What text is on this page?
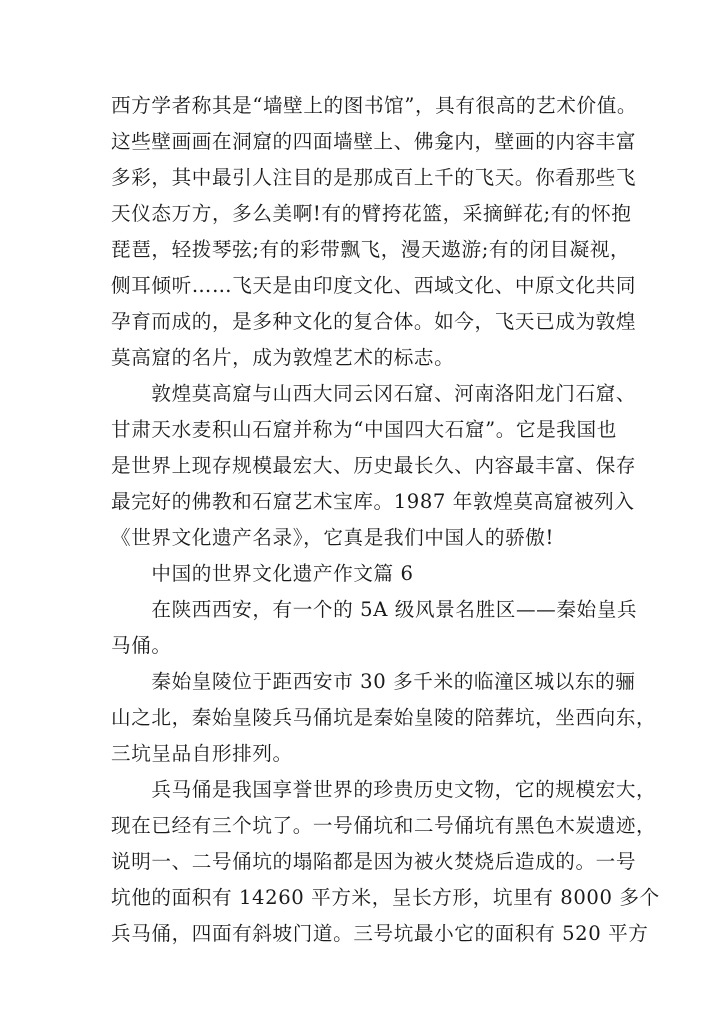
西方学者称其是“墙壁上的图书馆”，具有很高的艺术价值。
这些壁画画在洞窟的四面墙壁上、佛龛内，壁画的内容丰富
多彩，其中最引人注目的是那成百上千的飞天。你看那些飞
天仪态万方，多么美啊!有的臂挎花篮，采摘鲜花;有的怀抱
琵琶，轻拨琴弦;有的彩带飘飞，漫天遨游;有的闭目凝视，
侧耳倾听……飞天是由印度文化、西域文化、中原文化共同
孕育而成的，是多种文化的复合体。如今，飞天已成为敦煌
莫高窟的名片，成为敦煌艺术的标志。
　　敦煌莫高窟与山西大同云冈石窟、河南洛阳龙门石窟、
甘肃天水麦积山石窟并称为“中国四大石窟”。它是我国也
是世界上现存规模最宏大、历史最长久、内容最丰富、保存
最完好的佛教和石窟艺术宝库。1987 年敦煌莫高窟被列入
《世界文化遗产名录》，它真是我们中国人的骄傲!
　　中国的世界文化遗产作文篇 6
　　在陕西西安，有一个的 5A 级风景名胜区——秦始皇兵
马俑。
　　秦始皇陵位于距西安市 30 多千米的临潼区城以东的骊
山之北，秦始皇陵兵马俑坑是秦始皇陵的陪葬坑，坐西向东，
三坑呈品自形排列。
　　兵马俑是我国享誉世界的珍贵历史文物，它的规模宏大，
现在已经有三个坑了。一号俑坑和二号俑坑有黑色木炭遗迹，
说明一、二号俑坑的塌陷都是因为被火焚烧后造成的。一号
坑他的面积有 14260 平方米，呈长方形，坑里有 8000 多个
兵马俑，四面有斜坡门道。三号坑最小它的面积有 520 平方
